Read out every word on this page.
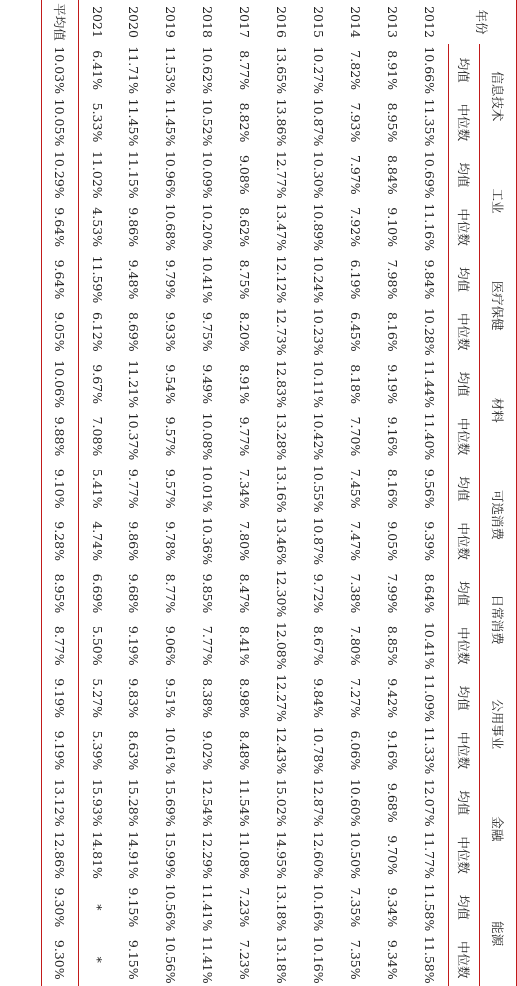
年份	信息技术		工业		医疗保健		材料		可选消费		日常消费		公用事业		金融		能源	
	均值	中位数	均值	中位数	均值	中位数	均值	中位数	均值	中位数	均值	中位数	均值	中位数	均值	中位数	均值	中位数
2012	10.66%	11.35%	10.69%	11.16%	9.84%	10.28%	11.44%	11.40%	9.56%	9.39%	8.64%	10.41%	11.09%	11.33%	12.07%	11.77%	11.58%	11.58%
2013	8.91%	8.95%	8.84%	9.10%	7.98%	8.16%	9.19%	9.16%	8.16%	9.05%	7.99%	8.85%	9.42%	9.16%	9.68%	9.70%	9.34%	9.34%
2014	7.82%	7.93%	7.97%	7.92%	6.19%	6.45%	8.18%	7.70%	7.45%	7.47%	7.38%	7.80%	7.27%	6.06%	10.60%	10.50%	7.35%	7.35%
2015	10.27%	10.87%	10.30%	10.89%	10.24%	10.23%	10.11%	10.42%	10.55%	10.87%	9.72%	8.67%	9.84%	10.78%	12.87%	12.60%	10.16%	10.16%
2016	13.65%	13.86%	12.77%	13.47%	12.12%	12.73%	12.83%	13.28%	13.16%	13.46%	12.30%	12.08%	12.27%	12.43%	15.02%	14.95%	13.18%	13.18%
2017	8.77%	8.82%	9.08%	8.62%	8.75%	8.20%	8.91%	9.77%	7.34%	7.80%	8.47%	8.41%	8.98%	8.48%	11.54%	11.08%	7.23%	7.23%
2018	10.62%	10.52%	10.09%	10.20%	10.41%	9.75%	9.49%	10.08%	10.01%	10.36%	9.85%	7.77%	8.38%	9.02%	12.54%	12.29%	11.41%	11.41%
2019	11.53%	11.45%	10.96%	10.68%	9.79%	9.93%	9.54%	9.57%	9.57%	9.78%	8.77%	9.06%	9.51%	10.61%	15.69%	15.99%	10.56%	10.56%
2020	11.71%	11.45%	11.15%	9.86%	9.48%	8.69%	11.21%	10.37%	9.77%	9.86%	9.68%	9.19%	9.83%	8.63%	15.28%	14.91%	9.15%	9.15%
2021	6.41%	5.33%	11.02%	4.53%	11.59%	6.12%	9.67%	7.08%	5.41%	4.74%	6.69%	5.50%	5.27%	5.39%	15.93%	14.81%	*	*
平均值	10.03%	10.05%	10.29%	9.64%	9.64%	9.05%	10.06%	9.88%	9.10%	9.28%	8.95%	8.77%	9.19%	9.19%	13.12%	12.86%	9.30%	9.30%
